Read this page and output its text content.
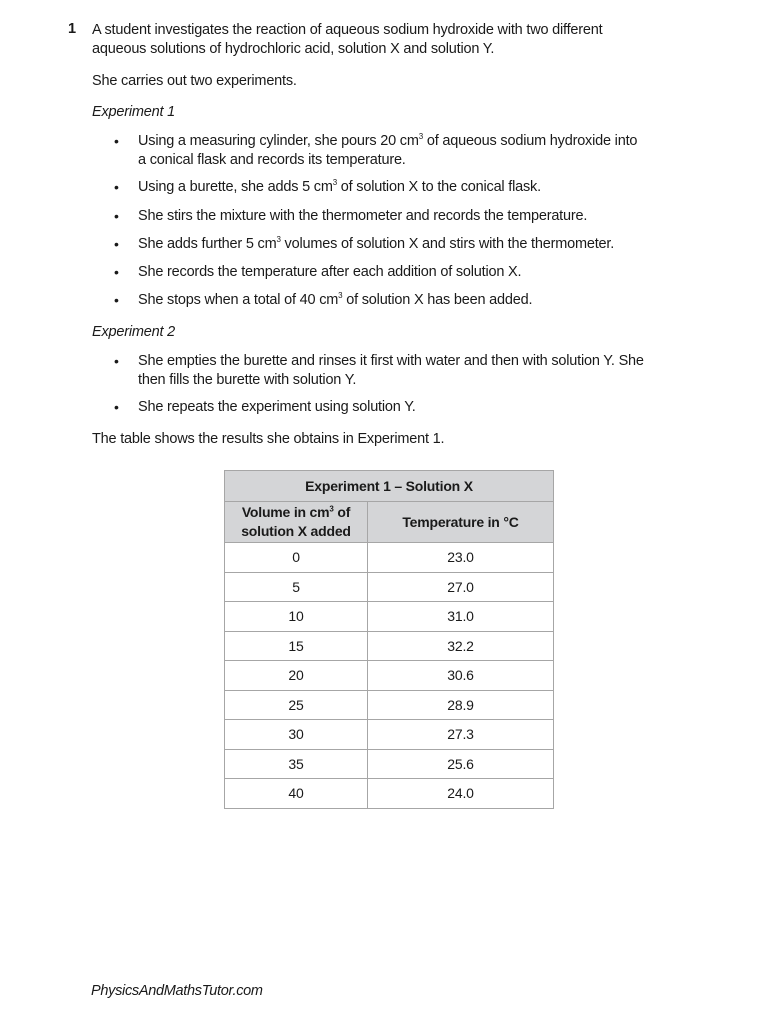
1 A student investigates the reaction of aqueous sodium hydroxide with two different aqueous solutions of hydrochloric acid, solution X and solution Y.
She carries out two experiments.
Experiment 1
• Using a measuring cylinder, she pours 20 $cm^3$ of aqueous sodium hydroxide into a conical flask and records its temperature.
• Using a burette, she adds 5 $cm^3$ of solution X to the conical flask.
• She stirs the mixture with the thermometer and records the temperature.
• She adds further 5 $cm^3$ volumes of solution X and stirs with the thermometer.
• She records the temperature after each addition of solution X.
• She stops when a total of 40 $cm^3$ of solution X has been added.
Experiment 2
• She empties the burette and rinses it first with water and then with solution Y. She then fills the burette with solution Y.
• She repeats the experiment using solution Y.
The table shows the results she obtains in Experiment 1.
Experiment 1 – Solution X	
Volume in $cm^3$ of
solution X added	Temperature in °C
0	23.0
5	27.0
10	31.0
15	32.2
20	30.6
25	28.9
30	27.3
35	25.6
40	24.0
PhysicsAndMathsTutor.com
